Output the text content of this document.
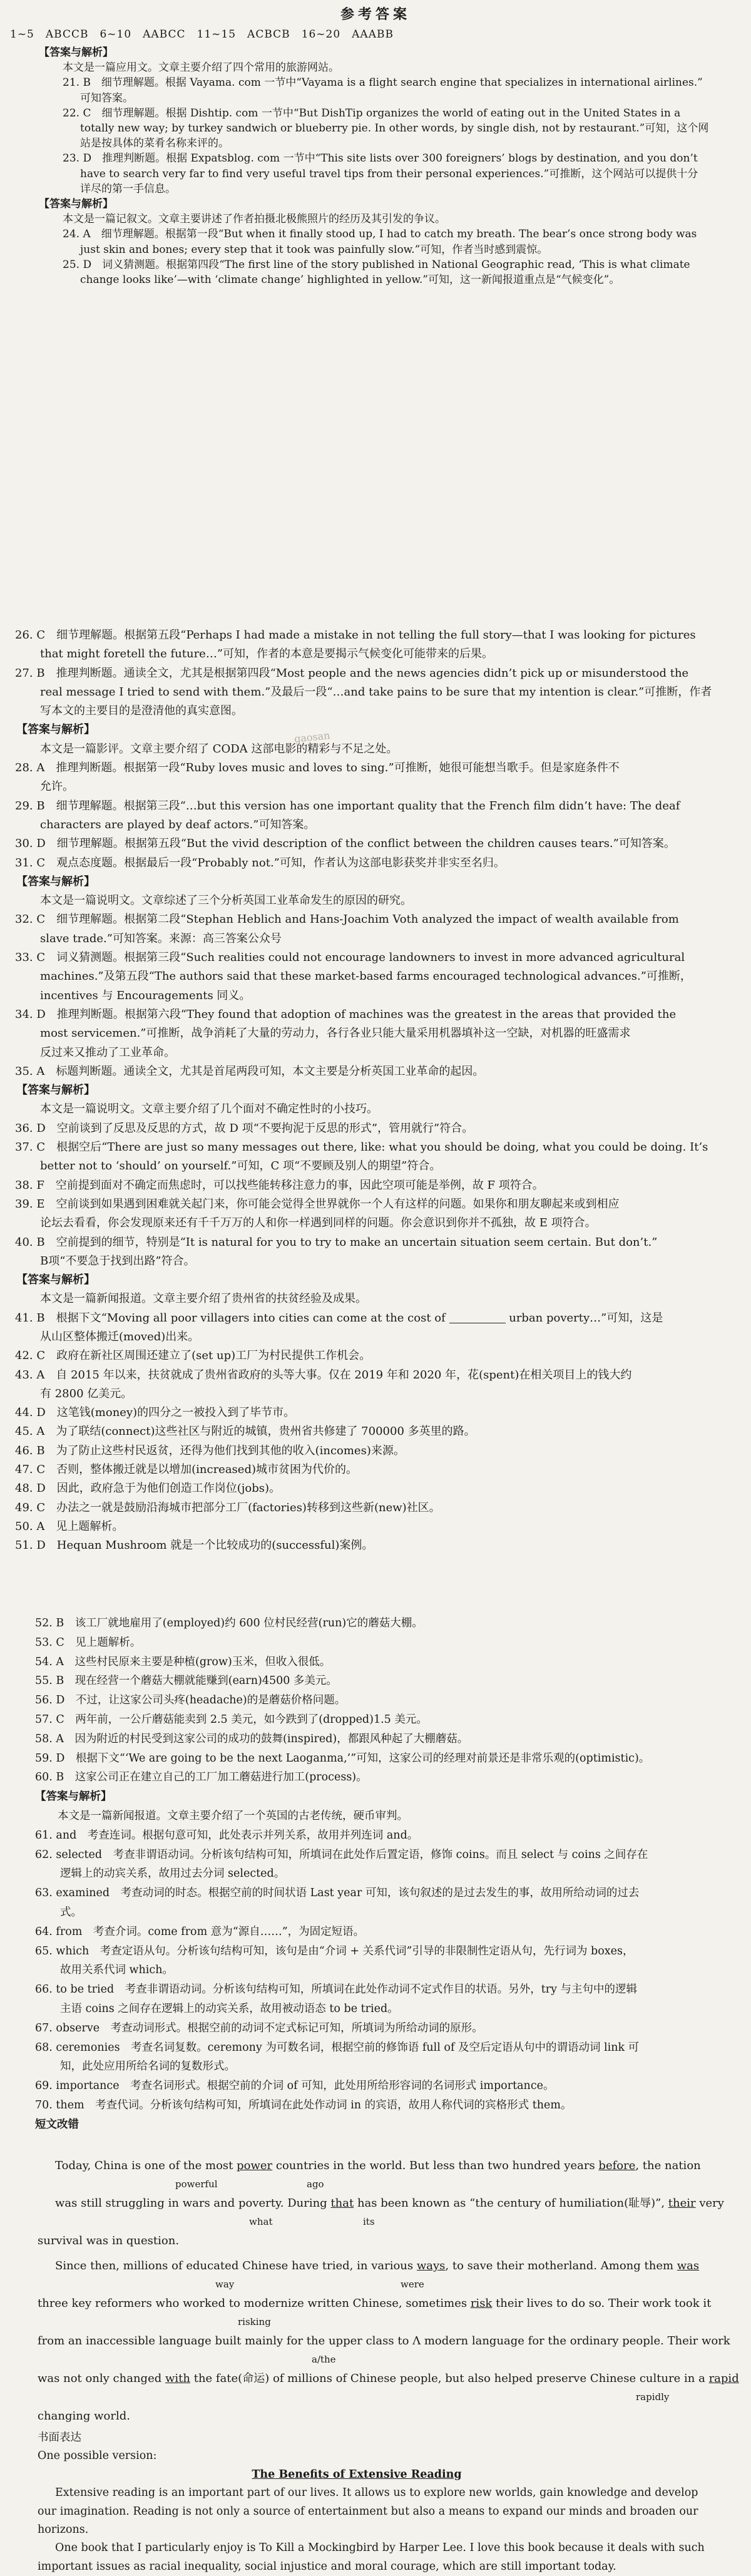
参考答案
1~5　ABCCB　6~10　AABCC　11~15　ACBCB　16~20　AAABB
【答案与解析】
本文是一篇应用文。文章主要介绍了四个常用的旅游网站。
21. B　细节理解题。根据 Vayama. com 一节中“Vayama is a flight search engine that specializes in international airlines.”
可知答案。
22. C　细节理解题。根据 Dishtip. com 一节中“But DishTip organizes the world of eating out in the United States in a
totally new way; by turkey sandwich or blueberry pie. In other words, by single dish, not by restaurant.”可知，这个网
站是按具体的菜肴名称来评的。
23. D　推理判断题。根据 Expatsblog. com 一节中“This site lists over 300 foreigners’ blogs by destination, and you don’t
have to search very far to find very useful travel tips from their personal experiences.”可推断，这个网站可以提供十分
详尽的第一手信息。
【答案与解析】
本文是一篇记叙文。文章主要讲述了作者拍摄北极熊照片的经历及其引发的争议。
24. A　细节理解题。根据第一段“But when it finally stood up, I had to catch my breath. The bear’s once strong body was
just skin and bones; every step that it took was painfully slow.”可知，作者当时感到震惊。
25. D　词义猜测题。根据第四段“The first line of the story published in National Geographic read, ‘This is what climate
change looks like’—with ‘climate change’ highlighted in yellow.”可知，这一新闻报道重点是“气候变化”。
26. C　细节理解题。根据第五段“Perhaps I had made a mistake in not telling the full story—that I was looking for pictures
that might foretell the future…”可知，作者的本意是要揭示气候变化可能带来的后果。
27. B　推理判断题。通读全文，尤其是根据第四段“Most people and the news agencies didn’t pick up or misunderstood the
real message I tried to send with them.”及最后一段“…and take pains to be sure that my intention is clear.”可推断，作者
写本文的主要目的是澄清他的真实意图。
【答案与解析】
本文是一篇影评。文章主要介绍了 CODA 这部电影的精彩与不足之处。
28. A　推理判断题。根据第一段“Ruby loves music and loves to sing.”可推断，她很可能想当歌手。但是家庭条件不
允许。
29. B　细节理解题。根据第三段“…but this version has one important quality that the French film didn’t have: The deaf
characters are played by deaf actors.”可知答案。
30. D　细节理解题。根据第五段“But the vivid description of the conflict between the children causes tears.”可知答案。
31. C　观点态度题。根据最后一段“Probably not.”可知，作者认为这部电影获奖并非实至名归。
【答案与解析】
本文是一篇说明文。文章综述了三个分析英国工业革命发生的原因的研究。
32. C　细节理解题。根据第二段“Stephan Heblich and Hans-Joachim Voth analyzed the impact of wealth available from
slave trade.”可知答案。来源：高三答案公众号
33. C　词义猜测题。根据第三段“Such realities could not encourage landowners to invest in more advanced agricultural
machines.”及第五段“The authors said that these market-based farms encouraged technological advances.”可推断，
incentives 与 Encouragements 同义。
34. D　推理判断题。根据第六段“They found that adoption of machines was the greatest in the areas that provided the
most servicemen.”可推断，战争消耗了大量的劳动力，各行各业只能大量采用机器填补这一空缺，对机器的旺盛需求
反过来又推动了工业革命。
35. A　标题判断题。通读全文，尤其是首尾两段可知，本文主要是分析英国工业革命的起因。
【答案与解析】
本文是一篇说明文。文章主要介绍了几个面对不确定性时的小技巧。
36. D　空前谈到了反思及反思的方式，故 D 项“不要拘泥于反思的形式”，管用就行”符合。
37. C　根据空后“There are just so many messages out there, like: what you should be doing, what you could be doing. It’s
better not to ‘should’ on yourself.”可知，C 项“不要顾及别人的期望”符合。
38. F　空前提到面对不确定而焦虑时，可以找些能转移注意力的事，因此空项可能是举例，故 F 项符合。
39. E　空前谈到如果遇到困难就关起门来，你可能会觉得全世界就你一个人有这样的问题。如果你和朋友聊起来或到相应
论坛去看看，你会发现原来还有千千万万的人和你一样遇到同样的问题。你会意识到你并不孤独，故 E 项符合。
40. B　空前提到的细节，特别是“It is natural for you to try to make an uncertain situation seem certain. But don’t.”
B项“不要急于找到出路”符合。
【答案与解析】
本文是一篇新闻报道。文章主要介绍了贵州省的扶贫经验及成果。
41. B　根据下文“Moving all poor villagers into cities can come at the cost of	urban poverty…”可知，这是
从山区整体搬迁(moved)出来。
42. C　政府在新社区周围还建立了(set up)工厂为村民提供工作机会。
43. A　自 2015 年以来，扶贫就成了贵州省政府的头等大事。仅在 2019 年和 2020 年，花(spent)在相关项目上的钱大约
有 2800 亿美元。
44. D　这笔钱(money)的四分之一被投入到了毕节市。
45. A　为了联结(connect)这些社区与附近的城镇，贵州省共修建了 700000 多英里的路。
46. B　为了防止这些村民返贫，还得为他们找到其他的收入(incomes)来源。
47. C　否则，整体搬迁就是以增加(increased)城市贫困为代价的。
48. D　因此，政府急于为他们创造工作岗位(jobs)。
49. C　办法之一就是鼓励沿海城市把部分工厂(factories)转移到这些新(new)社区。
50. A　见上题解析。
51. D　Hequan Mushroom 就是一个比较成功的(successful)案例。
gaosan
52. B　该工厂就地雇用了(employed)约 600 位村民经营(run)它的蘑菇大棚。
53. C　见上题解析。
54. A　这些村民原来主要是种植(grow)玉米，但收入很低。
55. B　现在经营一个蘑菇大棚就能赚到(earn)4500 多美元。
56. D　不过，让这家公司头疼(headache)的是蘑菇价格问题。
57. C　两年前，一公斤蘑菇能卖到 2.5 美元，如今跌到了(dropped)1.5 美元。
58. A　因为附近的村民受到这家公司的成功的鼓舞(inspired)，都跟风种起了大棚蘑菇。
59. D　根据下文“‘We are going to be the next Laoganma,’”可知，这家公司的经理对前景还是非常乐观的(optimistic)。
60. B　这家公司正在建立自己的工厂加工蘑菇进行加工(process)。
【答案与解析】
本文是一篇新闻报道。文章主要介绍了一个英国的古老传统，硬币审判。
61. and　考查连词。根据句意可知，此处表示并列关系，故用并列连词 and。
62. selected　考查非谓语动词。分析该句结构可知，所填词在此处作后置定语，修饰 coins。而且 select 与 coins 之间存在
逻辑上的动宾关系，故用过去分词 selected。
63. examined　考查动词的时态。根据空前的时间状语 Last year 可知，该句叙述的是过去发生的事，故用所给动词的过去
式。
64. from　考查介词。come from 意为“源自……”，为固定短语。
65. which　考查定语从句。分析该句结构可知，该句是由“介词 + 关系代词”引导的非限制性定语从句，先行词为 boxes，
故用关系代词 which。
66. to be tried　考查非谓语动词。分析该句结构可知，所填词在此处作动词不定式作目的状语。另外，try 与主句中的逻辑
主语 coins 之间存在逻辑上的动宾关系，故用被动语态 to be tried。
67. observe　考查动词形式。根据空前的动词不定式标记可知，所填词为所给动词的原形。
68. ceremonies　考查名词复数。ceremony 为可数名词，根据空前的修饰语 full of 及空后定语从句中的谓语动词 link 可
知，此处应用所给名词的复数形式。
69. importance　考查名词形式。根据空前的介词 of 可知，此处用所给形容词的名词形式 importance。
70. them　考查代词。分析该句结构可知，所填词在此处作动词 in 的宾语，故用人称代词的宾格形式 them。
短文改错
Today, China is one of the most power countries in the world. But less than two hundred years before, the nation
powerful	ago
was still struggling in wars and poverty. During that has been known as “the century of humiliation(耻辱)”, their very
what	its
survival was in question.
Since then, millions of educated Chinese have tried, in various ways, to save their motherland. Among them was
way	were
three key reformers who worked to modernize written Chinese, sometimes risk their lives to do so. Their work took it
risking
from an inaccessible language built mainly for the upper class to Λ modern language for the ordinary people. Their work
a/the
was not only changed with the fate(命运) of millions of Chinese people, but also helped preserve Chinese culture in a rapid
rapidly
changing world.
书面表达
One possible version:
The Benefits of Extensive Reading
Extensive reading is an important part of our lives. It allows us to explore new worlds, gain knowledge and develop
our imagination. Reading is not only a source of entertainment but also a means to expand our minds and broaden our
horizons.
One book that I particularly enjoy is To Kill a Mockingbird by Harper Lee. I love this book because it deals with such
important issues as racial inequality, social injustice and moral courage, which are still important today.
